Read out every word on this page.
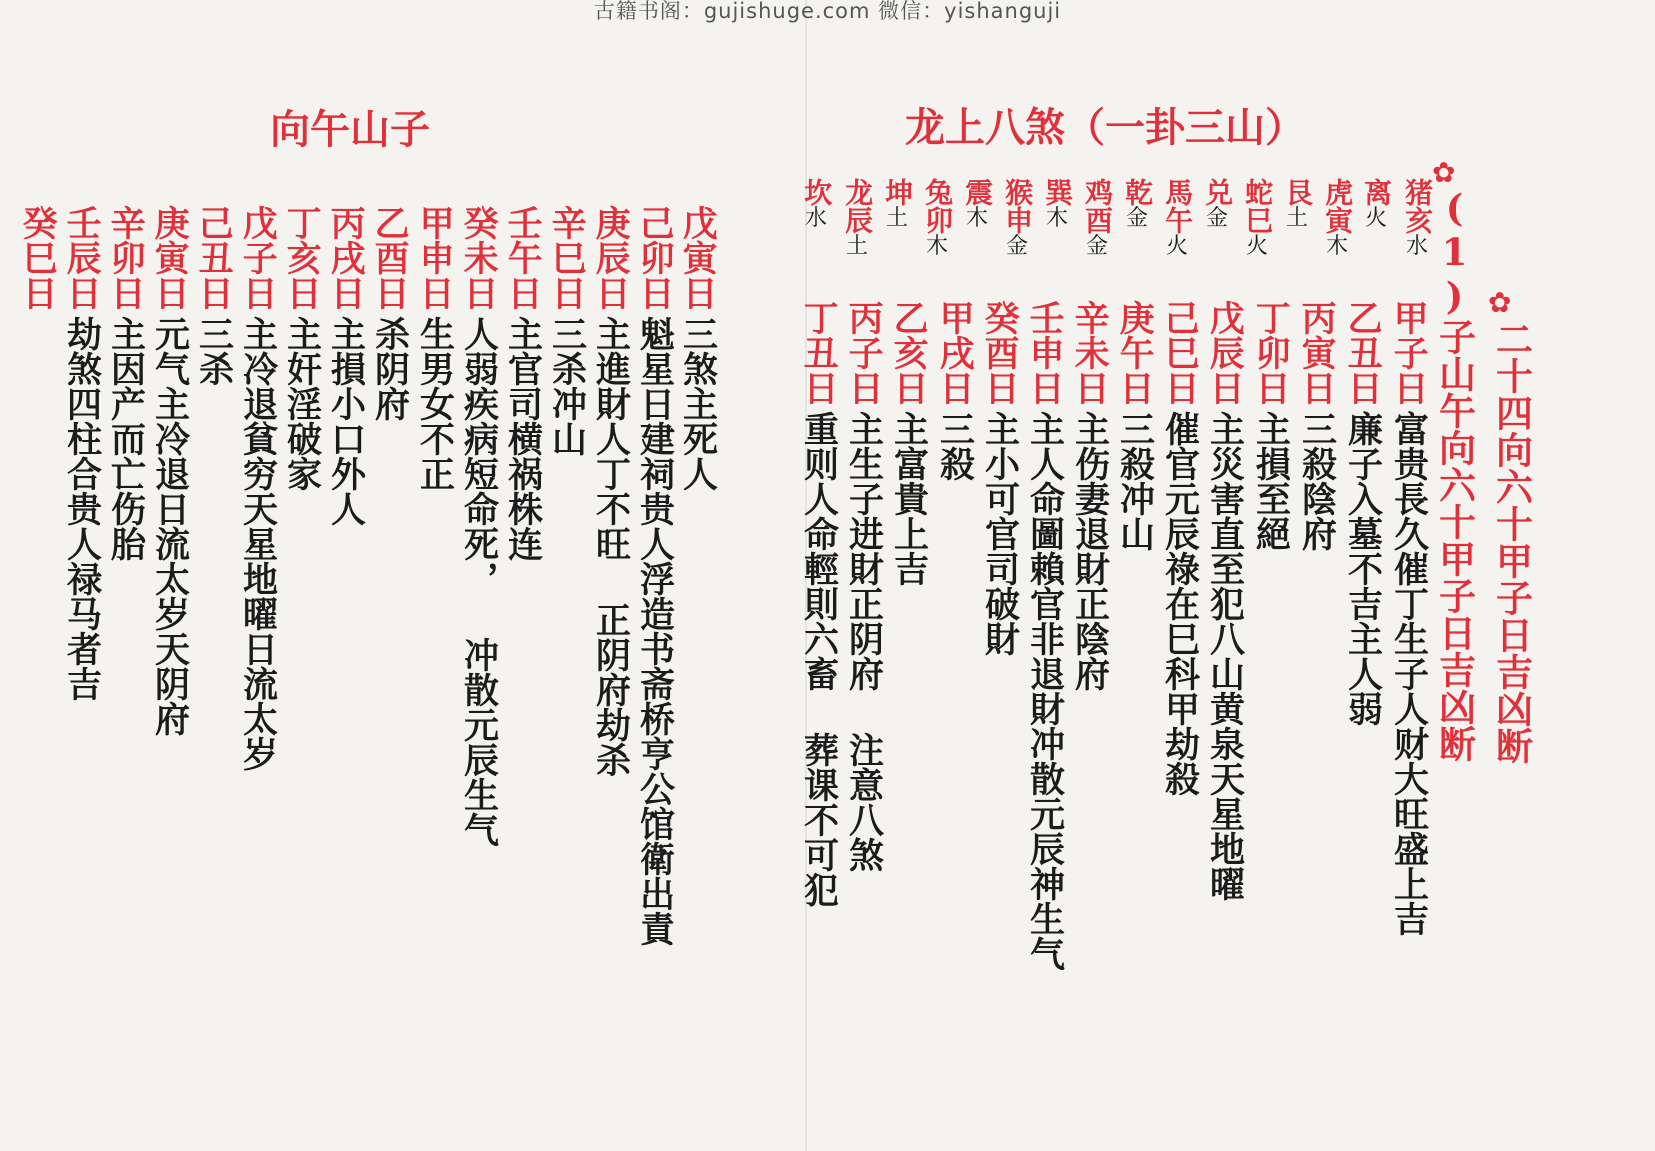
古籍书阁：gujishuge.com 微信：yishanguji
龙上八煞（一卦三山）
✿
二十四向六十甲子日吉凶断
✿
(1)子山午向六十甲子日吉凶断
猪亥
水
离
火
虎寅
木
艮
土
蛇巳
火
兑
金
馬午
火
乾
金
鸡酉
金
巽
木
猴申
金
震
木
兔卯
木
坤
土
龙辰
土
坎
水
甲子日
富贵長久催丁生子人财大旺盛上吉
乙丑日
廉子入墓不吉主人弱
丙寅日
三殺陰府
丁卯日
主損至絕
戊辰日
主災害直至犯八山黄泉天星地曜
己巳日
催官元辰祿在巳科甲劫殺
庚午日
三殺冲山
辛未日
主伤妻退財正陰府
壬申日
主人命圖賴官非退財冲散元辰神生气
癸酉日
主小可官司破財
甲戌日
三殺
乙亥日
主富貴上吉
丙子日
主生子进財正阴府 注意八煞
丁丑日
重则人命輕則六畜 葬课不可犯
向午山子
戊寅日
三煞主死人
己卯日
魁星日建祠贵人浮造书斋桥亨公馆衛出責
庚辰日
主進財人丁不旺 正阴府劫杀
辛巳日
三杀冲山
壬午日
主官司横祸株连
癸未日
人弱疾病短命死， 冲散元辰生气
甲申日
生男女不正
乙酉日
杀阴府
丙戌日
主損小口外人
丁亥日
主奸淫破家
戊子日
主冷退貧穷天星地曜日流太岁
己丑日
三杀
庚寅日
元气主冷退日流太岁天阴府
辛卯日
主因产而亡伤胎
壬辰日
劫煞四柱合贵人禄马者吉
癸巳日
